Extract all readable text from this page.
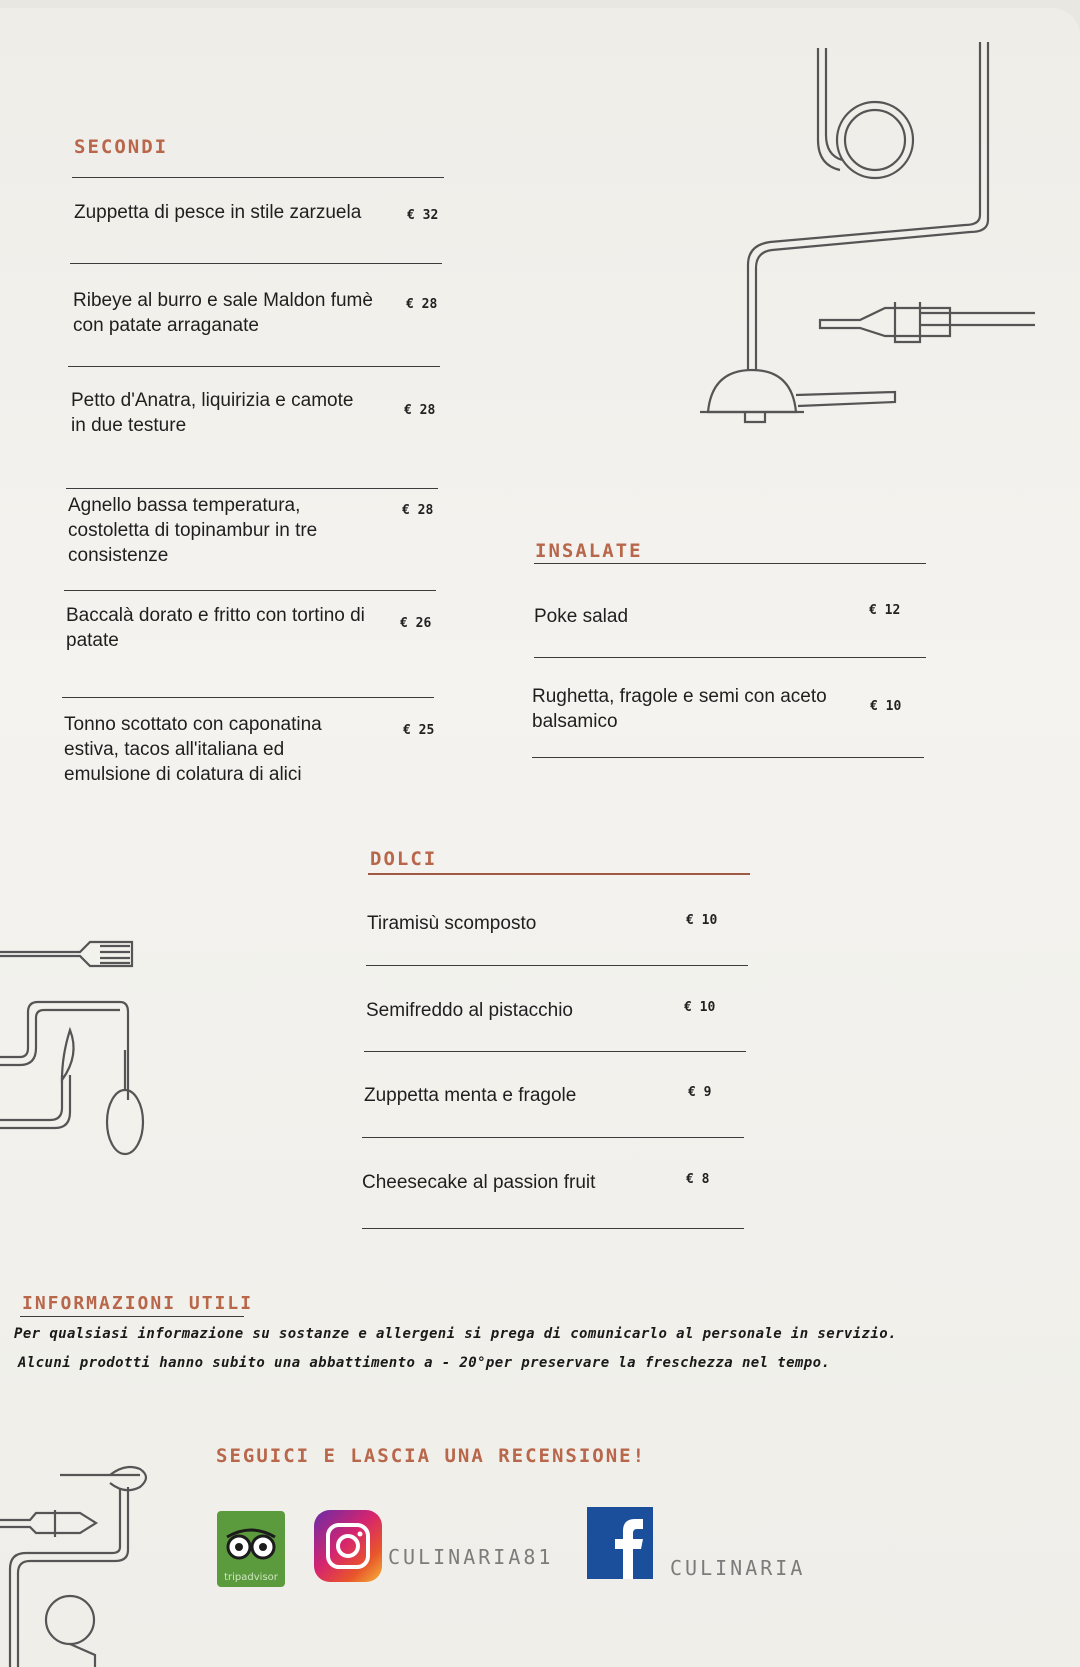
SECONDI
Zuppetta di pesce in stile zarzuela	€ 32
Ribeye al burro e sale Maldon fumè
con patate arraganate
€ 28
Petto d'Anatra, liquirizia e camote
in due testure
€ 28
Agnello bassa temperatura,
costoletta di topinambur in tre
consistenze
€ 28
Baccalà dorato e fritto con tortino di
patate
€ 26
Tonno scottato con caponatina
estiva, tacos all'italiana ed
emulsione di colatura di alici
€ 25
INSALATE
Poke salad	€ 12
Rughetta, fragole e semi con aceto
balsamico
€ 10
DOLCI
Tiramisù scomposto	€ 10
Semifreddo al pistacchio	€ 10
Zuppetta menta e fragole	€ 9
Cheesecake al passion fruit	€ 8
INFORMAZIONI UTILI
Per qualsiasi informazione su sostanze e allergeni si prega di comunicarlo al personale in servizio.
Alcuni prodotti hanno subito una abbattimento a - 20°per preservare la freschezza nel tempo.
SEGUICI E LASCIA UNA RECENSIONE!
tripadvisor
CULINARIA81	CULINARIA
